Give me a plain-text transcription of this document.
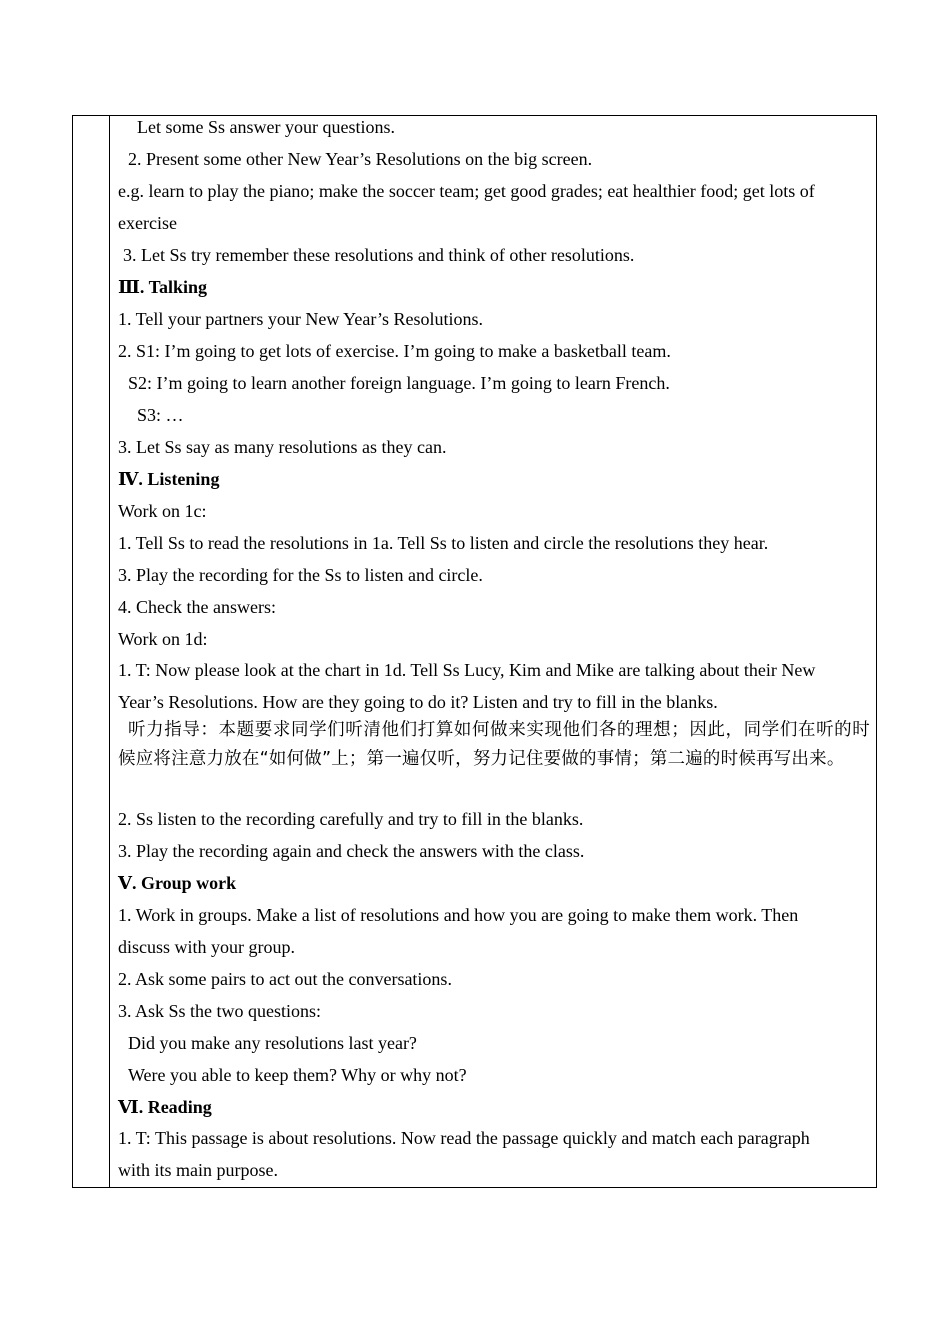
Let some Ss answer your questions.
2. Present some other New Year’s Resolutions on the big screen.
e.g. learn to play the piano; make the soccer team; get good grades; eat healthier food; get lots of
exercise
3. Let Ss try remember these resolutions and think of other resolutions.
Ⅲ. Talking
1. Tell your partners your New Year’s Resolutions.
2. S1: I’m going to get lots of exercise. I’m going to make a basketball team.
S2: I’m going to learn another foreign language. I’m going to learn French.
S3: …
3. Let Ss say as many resolutions as they can.
Ⅳ. Listening
Work on 1c:
1. Tell Ss to read the resolutions in 1a. Tell Ss to listen and circle the resolutions they hear.
3. Play the recording for the Ss to listen and circle.
4. Check the answers:
Work on 1d:
1. T: Now please look at the chart in 1d. Tell Ss Lucy, Kim and Mike are talking about their New
Year’s Resolutions. How are they going to do it? Listen and try to fill in the blanks.
听力指导：本题要求同学们听清他们打算如何做来实现他们各的理想；因此，同学们在听的时候应将注意力放在“如何做”上；第一遍仅听，努力记住要做的事情；第二遍的时候再写出来。
2. Ss listen to the recording carefully and try to fill in the blanks.
3. Play the recording again and check the answers with the class.
Ⅴ. Group work
1. Work in groups. Make a list of resolutions and how you are going to make them work. Then
discuss with your group.
2. Ask some pairs to act out the conversations.
3. Ask Ss the two questions:
Did you make any resolutions last year?
Were you able to keep them? Why or why not?
Ⅵ. Reading
1. T: This passage is about resolutions. Now read the passage quickly and match each paragraph
with its main purpose.
